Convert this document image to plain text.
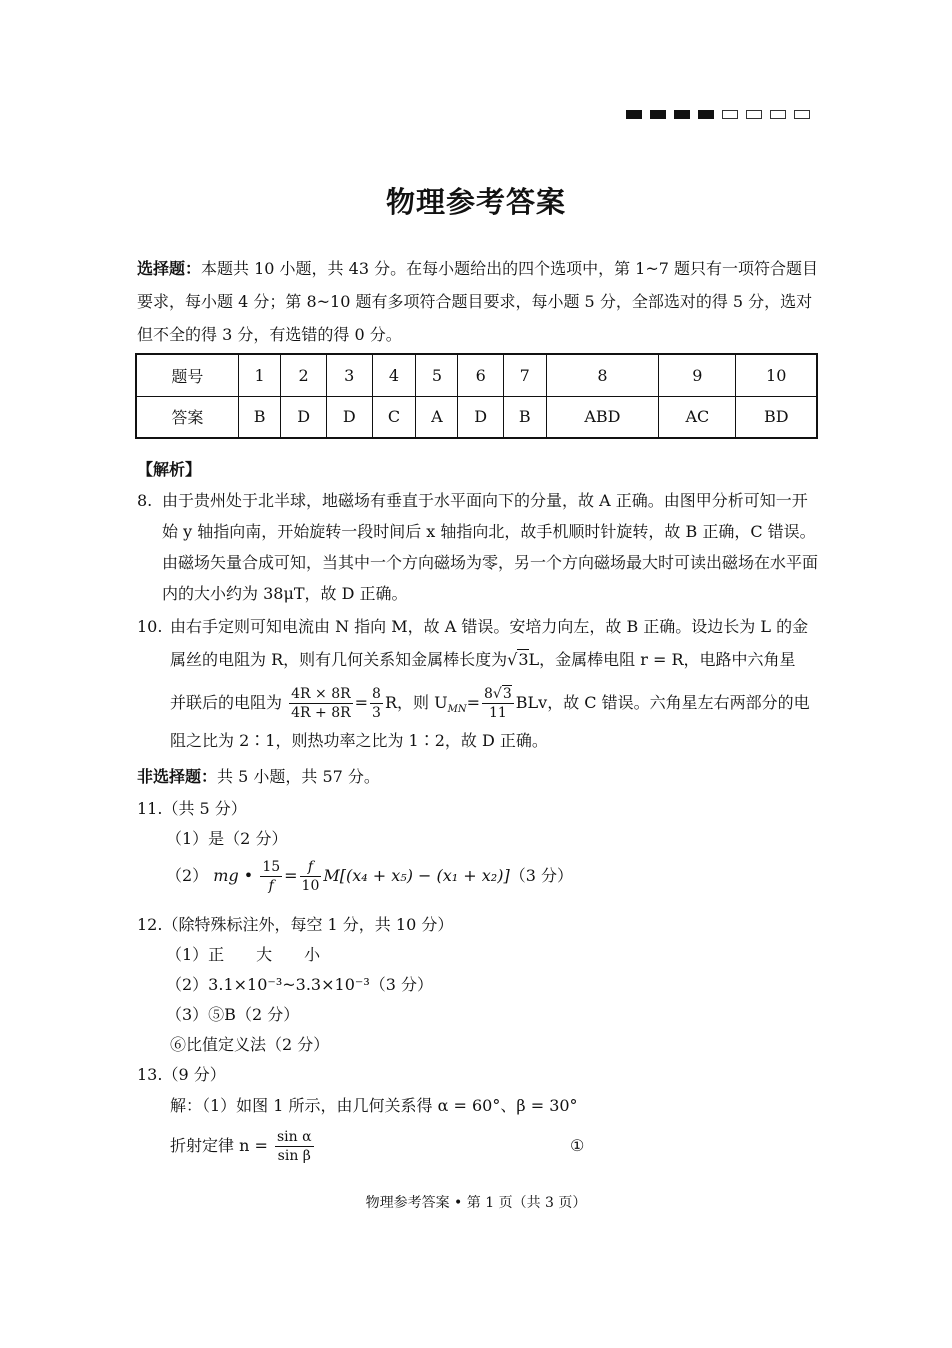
物理参考答案
选择题：本题共 10 小题，共 43 分。在每小题给出的四个选项中，第 1~7 题只有一项符合题目要求，每小题 4 分；第 8~10 题有多项符合题目要求，每小题 5 分，全部选对的得 5 分，选对但不全的得 3 分，有选错的得 0 分。
题号	1	2	3	4	5	6	7	8	9	10
答案	B	D	D	C	A	D	B	ABD	AC	BD
【解析】
8. 由于贵州处于北半球，地磁场有垂直于水平面向下的分量，故 A 正确。由图甲分析可知一开始 y 轴指向南，开始旋转一段时间后 x 轴指向北，故手机顺时针旋转，故 B 正确，C 错误。由磁场矢量合成可知，当其中一个方向磁场为零，另一个方向磁场最大时可读出磁场在水平面内的大小约为 38μT，故 D 正确。
10. 由右手定则可知电流由 N 指向 M，故 A 错误。安培力向左，故 B 正确。设边长为 L 的金
属丝的电阻为 R，则有几何关系知金属棒长度为√3L，金属棒电阻 r = R，电路中六角星
并联后的电阻为 $\frac{4R \times 8R}{4R + 8R} = \frac{8}{3}$ R，则 $U_{MN}= \frac{8√3}{11}$ BLv，故 C 错误。六角星左右两部分的电
阻之比为 2∶1，则热功率之比为 1∶2，故 D 正确。
非选择题：共 5 小题，共 57 分。
11.（共 5 分）
（1）是（2 分）
（2） mg • $\frac{15}{f} = \frac{f}{10} M[(x_4 + x_5) - (x_1 + x_2)](3$ 分）
12.（除特殊标注外，每空 1 分，共 10 分）
（1）正　　大　　小
（2）3.1×10⁻³~3.3×10⁻³（3 分）
（3）⑤B（2 分）
⑥比值定义法（2 分）
13.（9 分）
解：（1）如图 1 所示，由几何关系得 α = 60°、β = 30°
折射定律 $n = \frac{\text{sin α}}{\text{sin β}}$	①
物理参考答案 • 第 1 页（共 3 页）
